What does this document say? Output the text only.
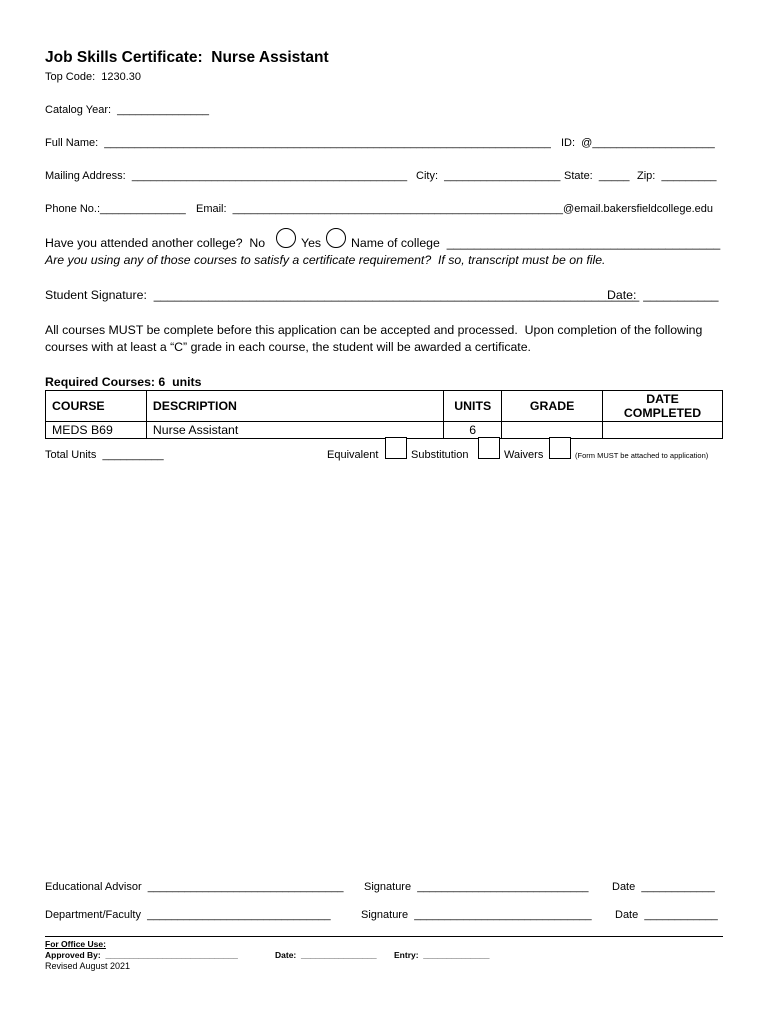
Job Skills Certificate:  Nurse Assistant
Top Code:  1230.30
Catalog Year:  _______________
Full Name:  _________________________________________________________________________ ID:  @____________________
Mailing Address:  _____________________________________________ City:  ___________________ State:  _____ Zip:  _________
Phone No.:______________ Email:  ______________________________________________________@email.bakersfieldcollege.edu
Have you attended another college?  No	Yes Name of college  ________________________________________
Are you using any of those courses to satisfy a certificate requirement?  If so, transcript must be on file.
Student Signature:  _______________________________________________________________________
Date:  ___________
All courses MUST be complete before this application can be accepted and processed.  Upon completion of the following
courses with at least a “C” grade in each course, the student will be awarded a certificate.
Required Courses: 6  units
COURSE	DESCRIPTION	UNITS	GRADE	DATE COMPLETED
MEDS B69	Nurse Assistant	6		
Total Units  __________	Equivalent	Substitution	Waivers	(Form MUST be attached to application)
Educational Advisor  ________________________________ Signature  ____________________________ Date  ____________
Department/Faculty  ______________________________	Signature  _____________________________ Date  ____________
For Office Use:
Approved By:  ____________________________	Date:  ________________ Entry:  ______________
Revised August 2021
